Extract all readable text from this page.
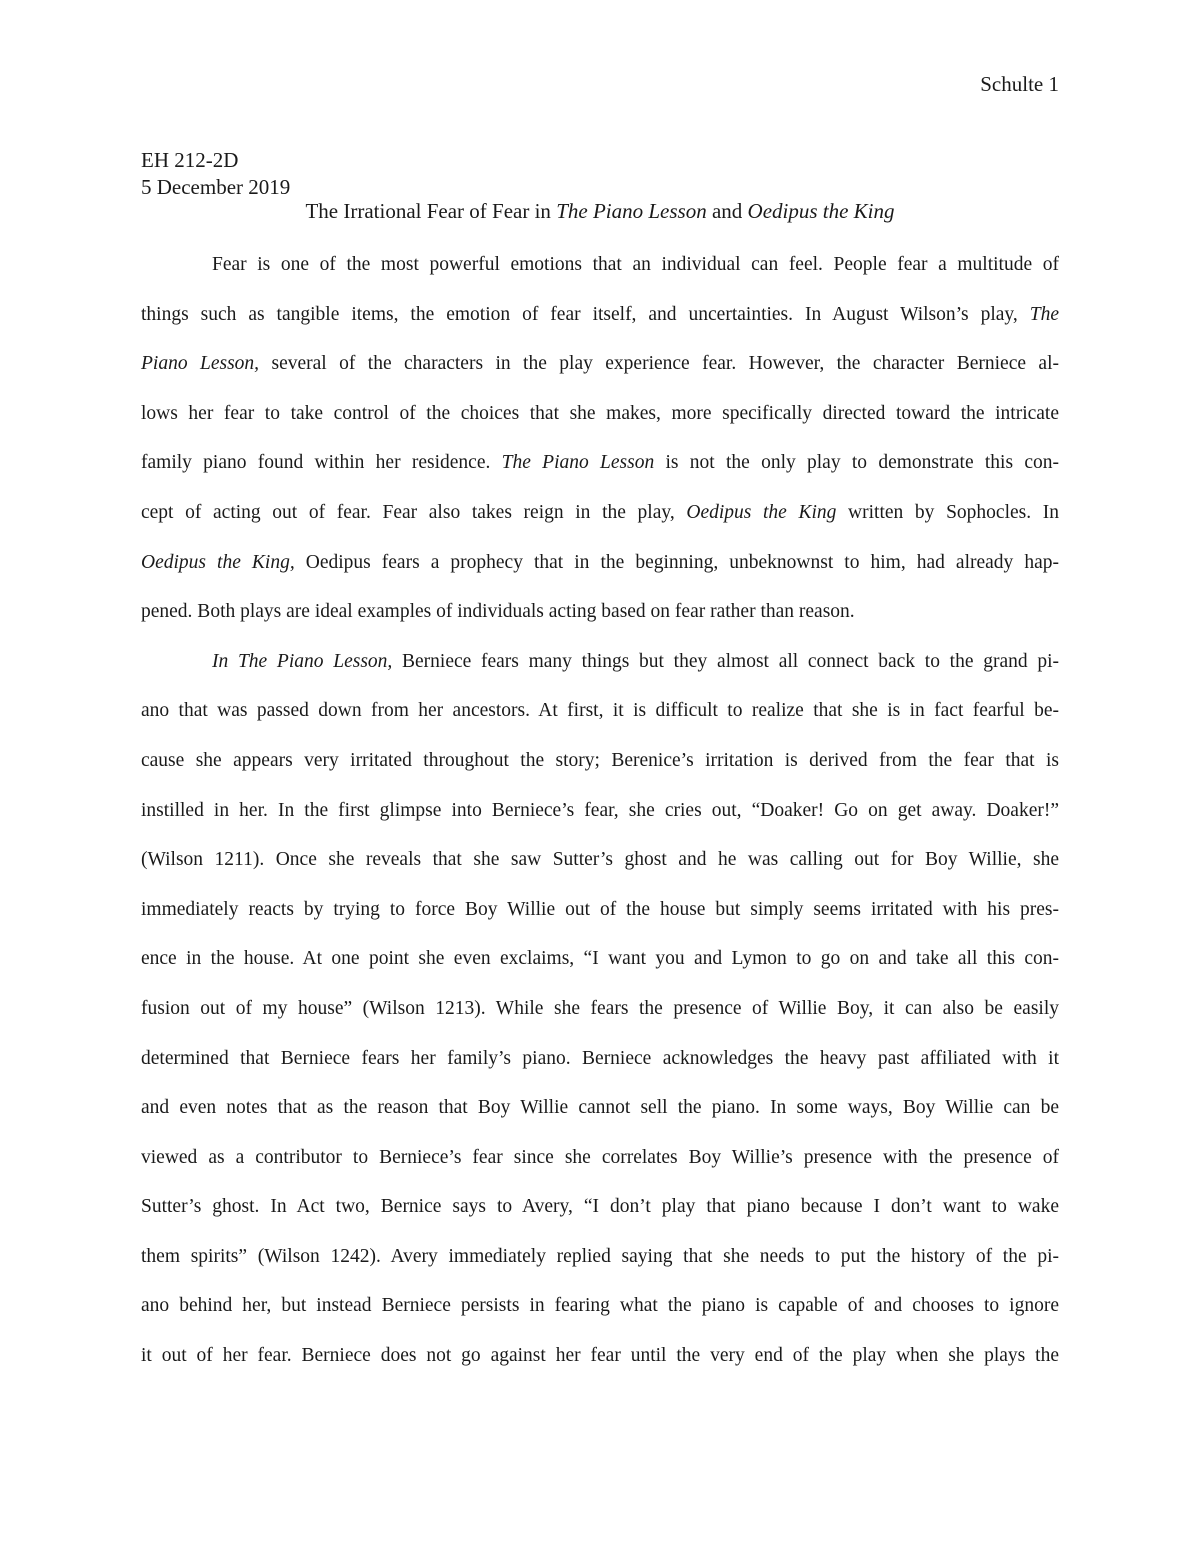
Schulte 1
EH 212-2D
5 December 2019
The Irrational Fear of Fear in The Piano Lesson and Oedipus the King
Fear is one of the most powerful emotions that an individual can feel. People fear a multitude of
things such as tangible items, the emotion of fear itself, and uncertainties. In August Wilson’s play, The
Piano Lesson, several of the characters in the play experience fear. However, the character Berniece al-
lows her fear to take control of the choices that she makes, more specifically directed toward the intricate
family piano found within her residence. The Piano Lesson is not the only play to demonstrate this con-
cept of acting out of fear. Fear also takes reign in the play, Oedipus the King written by Sophocles. In
Oedipus the King, Oedipus fears a prophecy that in the beginning, unbeknownst to him, had already hap-
pened. Both plays are ideal examples of individuals acting based on fear rather than reason.
In The Piano Lesson, Berniece fears many things but they almost all connect back to the grand pi-
ano that was passed down from her ancestors. At first, it is difficult to realize that she is in fact fearful be-
cause she appears very irritated throughout the story; Berenice’s irritation is derived from the fear that is
instilled in her. In the first glimpse into Berniece’s fear, she cries out, “Doaker! Go on get away. Doaker!”
(Wilson 1211). Once she reveals that she saw Sutter’s ghost and he was calling out for Boy Willie, she
immediately reacts by trying to force Boy Willie out of the house but simply seems irritated with his pres-
ence in the house. At one point she even exclaims, “I want you and Lymon to go on and take all this con-
fusion out of my house” (Wilson 1213). While she fears the presence of Willie Boy, it can also be easily
determined that Berniece fears her family’s piano. Berniece acknowledges the heavy past affiliated with it
and even notes that as the reason that Boy Willie cannot sell the piano. In some ways, Boy Willie can be
viewed as a contributor to Berniece’s fear since she correlates Boy Willie’s presence with the presence of
Sutter’s ghost. In Act two, Bernice says to Avery, “I don’t play that piano because I don’t want to wake
them spirits” (Wilson 1242). Avery immediately replied saying that she needs to put the history of the pi-
ano behind her, but instead Berniece persists in fearing what the piano is capable of and chooses to ignore
it out of her fear. Berniece does not go against her fear until the very end of the play when she plays the
